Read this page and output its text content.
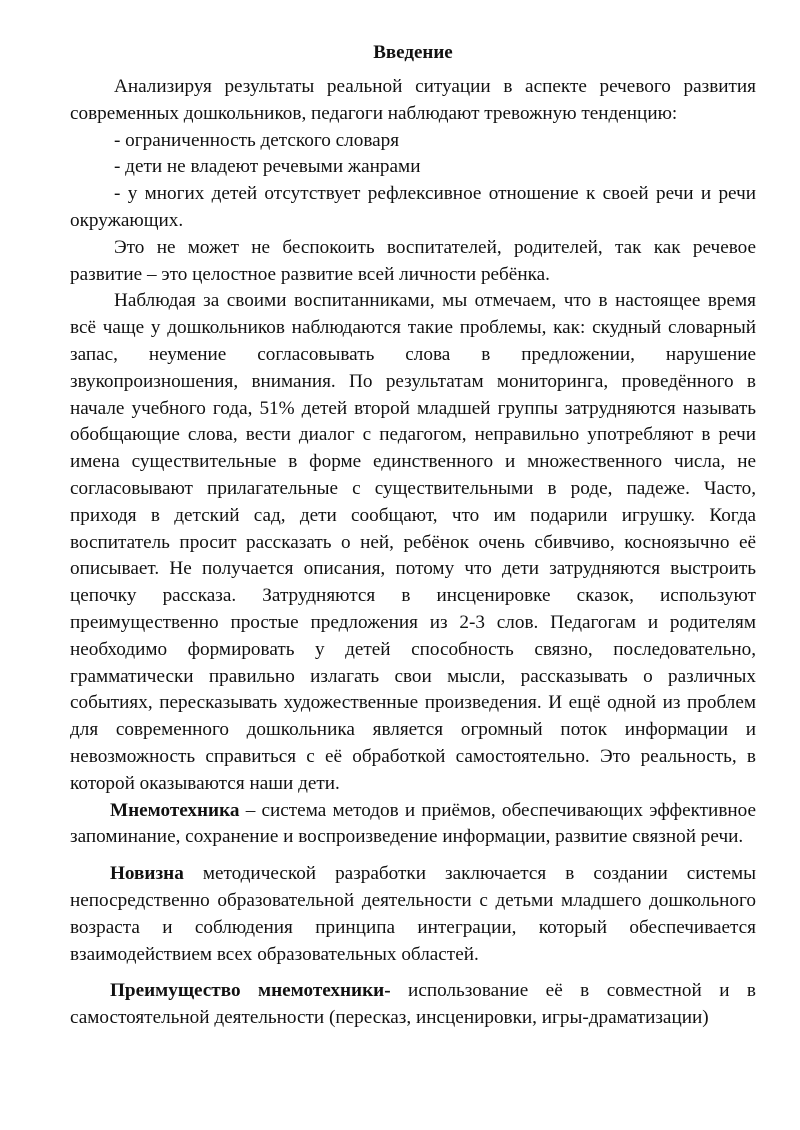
Введение

Анализируя результаты реальной ситуации в аспекте речевого развития современных дошкольников, педагоги наблюдают тревожную тенденцию:

- ограниченность детского словаря

- дети не владеют речевыми жанрами

- у многих детей отсутствует рефлексивное отношение к своей речи и речи окружающих.

Это не может не беспокоить воспитателей, родителей, так как речевое развитие – это целостное развитие всей личности ребёнка.

Наблюдая за своими воспитанниками, мы отмечаем, что в настоящее время всё чаще у дошкольников наблюдаются такие проблемы, как: скудный словарный запас, неумение согласовывать слова в предложении, нарушение звукопроизношения, внимания. По результатам мониторинга, проведённого в начале учебного года, 51% детей второй младшей группы затрудняются называть обобщающие слова, вести диалог с педагогом, неправильно употребляют в речи имена существительные в форме единственного и множественного числа, не согласовывают прилагательные с существительными в роде, падеже. Часто, приходя в детский сад, дети сообщают, что им подарили игрушку. Когда воспитатель просит рассказать о ней, ребёнок очень сбивчиво, косноязычно её описывает. Не получается описания, потому что дети затрудняются выстроить цепочку рассказа. Затрудняются в инсценировке сказок, используют преимущественно простые предложения из 2-3 слов. Педагогам и родителям необходимо формировать у детей способность связно, последовательно, грамматически правильно излагать свои мысли, рассказывать о различных событиях, пересказывать художественные произведения. И ещё одной из проблем для современного дошкольника является огромный поток информации и невозможность справиться с её обработкой самостоятельно. Это реальность, в которой оказываются наши дети.

Мнемотехника – система методов и приёмов, обеспечивающих эффективное запоминание, сохранение и воспроизведение информации, развитие связной речи.

Новизна методической разработки заключается в создании системы непосредственно образовательной деятельности с детьми младшего дошкольного возраста и соблюдения принципа интеграции, который обеспечивается взаимодействием всех образовательных областей.

Преимущество мнемотехники- использование её в совместной и в самостоятельной деятельности (пересказ, инсценировки, игры-драматизации)
